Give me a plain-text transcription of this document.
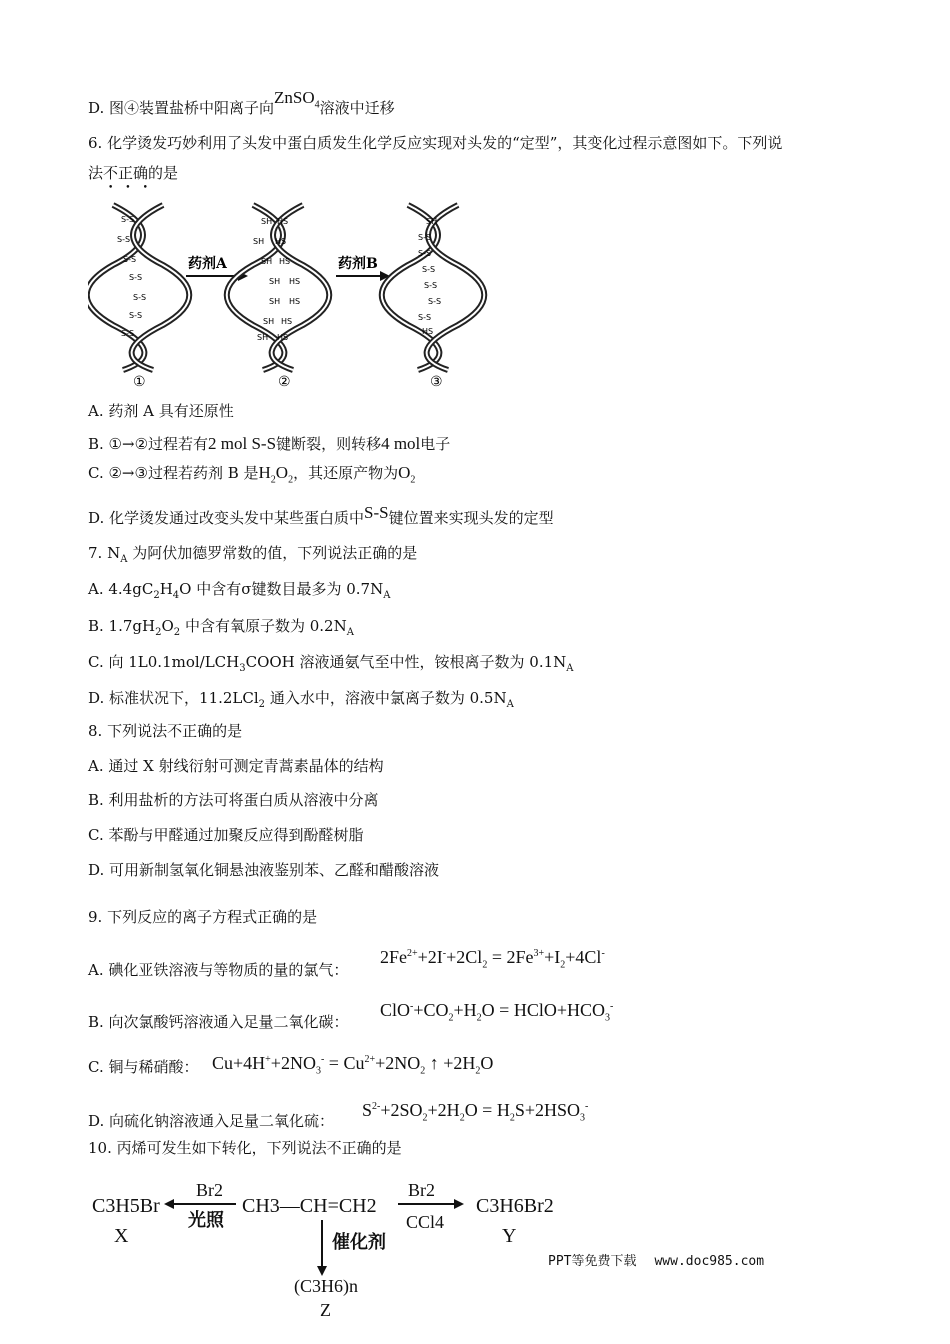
D. 图④装置盐桥中阳离子向ZnSO$_4$溶液中迁移
6. 化学烫发巧妙利用了头发中蛋白质发生化学反应实现对头发的“定型”，其变化过程示意图如下。下列说
法不正确的是
•••
S-S
S-S
S-S
S-S
S-S
S-S
S-S
①
药剂A
SH HS
SH HS
SH HS
SH HS
SH HS
SH HS
SH HS
②
药剂B
SH
S-S
S-S
S-S
S-S
S-S
S-S
HS
③
A. 药剂 A 具有还原性
B. ①→②过程若有2 mol S-S键断裂，则转移4 mol电子
C. ②→③过程若药剂 B 是$H_2O_2$，其还原产物为$O_2$
D. 化学烫发通过改变头发中某些蛋白质中S-S键位置来实现头发的定型
7. $N_A$ 为阿伏加德罗常数的值，下列说法正确的是
A. $4.4gC_2H_4O$ 中含有σ键数目最多为 $0.7N_A$
B. $1.7gH_2O_2$ 中含有氧原子数为 $0.2N_A$
C. 向 $1L0.1mol/LCH_3COOH$ 溶液通氨气至中性，铵根离子数为 $0.1N_A$
D. 标准状况下，11.2LCl$_2$ 通入水中，溶液中氯离子数为 $0.5N_A$
8. 下列说法不正确的是
A. 通过 X 射线衍射可测定青蒿素晶体的结构
B. 利用盐析的方法可将蛋白质从溶液中分离
C. 苯酚与甲醛通过加聚反应得到酚醛树脂
D. 可用新制氢氧化铜悬浊液鉴别苯、乙醛和醋酸溶液
9. 下列反应的离子方程式正确的是
A. 碘化亚铁溶液与等物质的量的氯气：
$2Fe^{2+}+2I^-+2Cl_2 = 2Fe^{3+}+I_2+4Cl^-$
B. 向次氯酸钙溶液通入足量二氧化碳：
$ClO^-+CO_2+H_2O$ = $HClO+HCO_3^-$
C. 铜与稀硝酸： $Cu+4H^++2NO_3^- = Cu^{2+}+2NO_2$ ↑ $+2H_2O$
D. 向硫化钠溶液通入足量二氧化硫：
$S^{2-}+2SO_2+2H_2O = H_2S+2HSO_3^-$
10. 丙烯可发生如下转化，下列说法不正确的是
C3H5Br
X
Br2
光照
CH3—CH=CH2
Br2
CCl4
C3H6Br2
Y
催化剂
(C3H6)n
Z
PPT等免费下载 www.doc985.com
